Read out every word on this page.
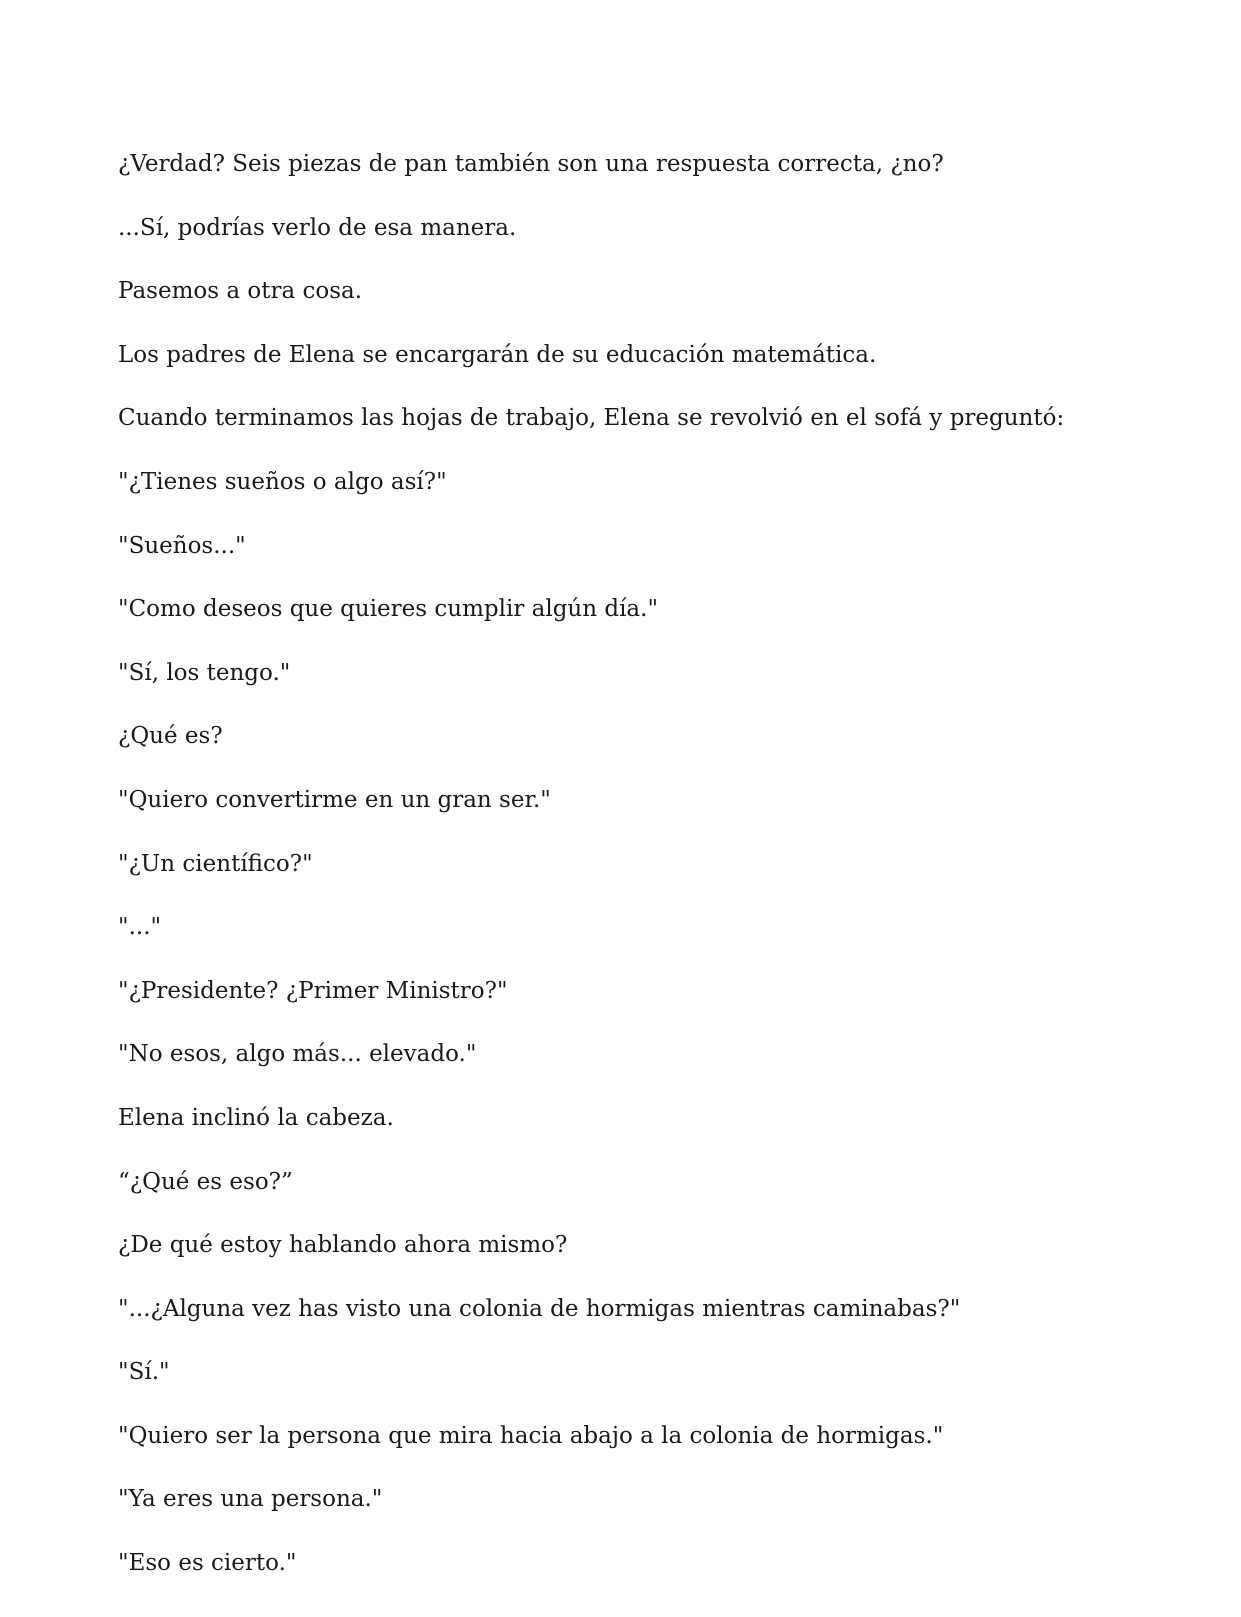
¿Verdad? Seis piezas de pan también son una respuesta correcta, ¿no?

...Sí, podrías verlo de esa manera.

Pasemos a otra cosa.

Los padres de Elena se encargarán de su educación matemática.

Cuando terminamos las hojas de trabajo, Elena se revolvió en el sofá y preguntó:

"¿Tienes sueños o algo así?"

"Sueños..."

"Como deseos que quieres cumplir algún día."

"Sí, los tengo."

¿Qué es?

"Quiero convertirme en un gran ser."

"¿Un científico?"

"..."

"¿Presidente? ¿Primer Ministro?"

"No esos, algo más... elevado."

Elena inclinó la cabeza.

“¿Qué es eso?”

¿De qué estoy hablando ahora mismo?

"...¿Alguna vez has visto una colonia de hormigas mientras caminabas?"

"Sí."

"Quiero ser la persona que mira hacia abajo a la colonia de hormigas."

"Ya eres una persona."

"Eso es cierto."
